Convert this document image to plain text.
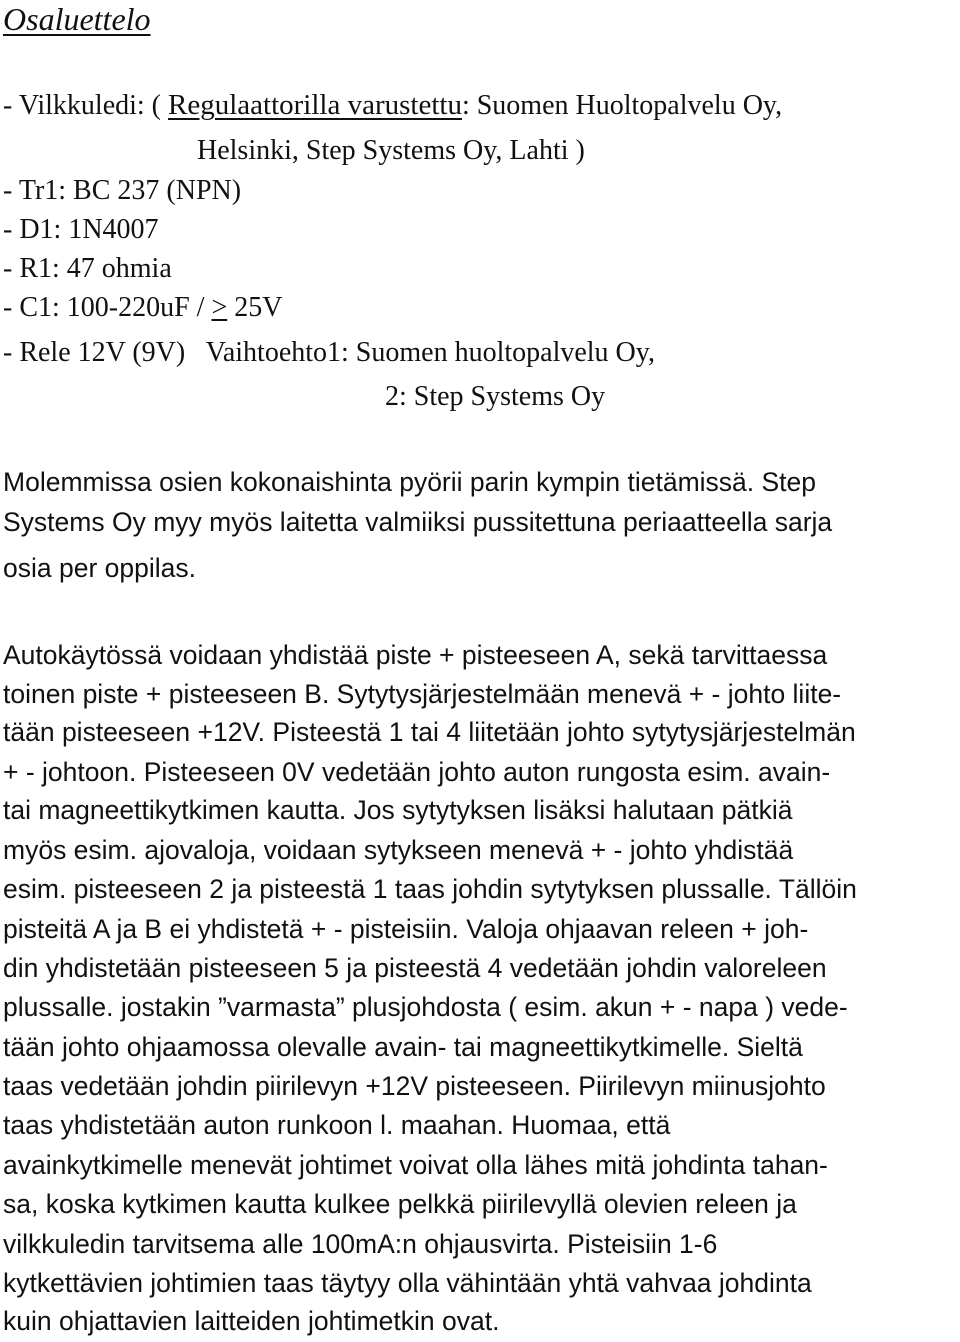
Osaluettelo
- Vilkkuledi: ( Regulaattorilla varustettu: Suomen Huoltopalvelu Oy,
Helsinki, Step Systems Oy, Lahti )
- Tr1: BC 237 (NPN)
- D1: 1N4007
- R1: 47 ohmia
- C1: 100-220uF / > 25V
- Rele 12V (9V)   Vaihtoehto1: Suomen huoltopalvelu Oy,
2: Step Systems Oy
Molemmissa osien kokonaishinta pyörii parin kympin tietämissä. Step
Systems Oy myy myös laitetta valmiiksi pussitettuna periaatteella sarja
osia per oppilas.
Autokäytössä voidaan yhdistää piste + pisteeseen A, sekä tarvittaessa
toinen piste + pisteeseen B. Sytytysjärjestelmään menevä + - johto liite-
tään pisteeseen +12V. Pisteestä 1 tai 4 liitetään johto sytytysjärjestelmän
+ - johtoon. Pisteeseen 0V vedetään johto auton rungosta esim. avain-
tai magneettikytkimen kautta. Jos sytytyksen lisäksi halutaan pätkiä
myös esim. ajovaloja, voidaan sytykseen menevä + - johto yhdistää
esim. pisteeseen 2 ja pisteestä 1 taas johdin sytytyksen plussalle. Tällöin
pisteitä A ja B ei yhdistetä + - pisteisiin. Valoja ohjaavan releen + joh-
din yhdistetään pisteeseen 5 ja pisteestä 4 vedetään johdin valoreleen
plussalle. jostakin ”varmasta” plusjohdosta ( esim. akun + - napa ) vede-
tään johto ohjaamossa olevalle avain- tai magneettikytkimelle. Sieltä
taas vedetään johdin piirilevyn +12V pisteeseen. Piirilevyn miinusjohto
taas yhdistetään auton runkoon l. maahan. Huomaa, että
avainkytkimelle menevät johtimet voivat olla lähes mitä johdinta tahan-
sa, koska kytkimen kautta kulkee pelkkä piirilevyllä olevien releen ja
vilkkuledin tarvitsema alle 100mA:n ohjausvirta. Pisteisiin 1-6
kytkettävien johtimien taas täytyy olla vähintään yhtä vahvaa johdinta
kuin ohjattavien laitteiden johtimetkin ovat.
